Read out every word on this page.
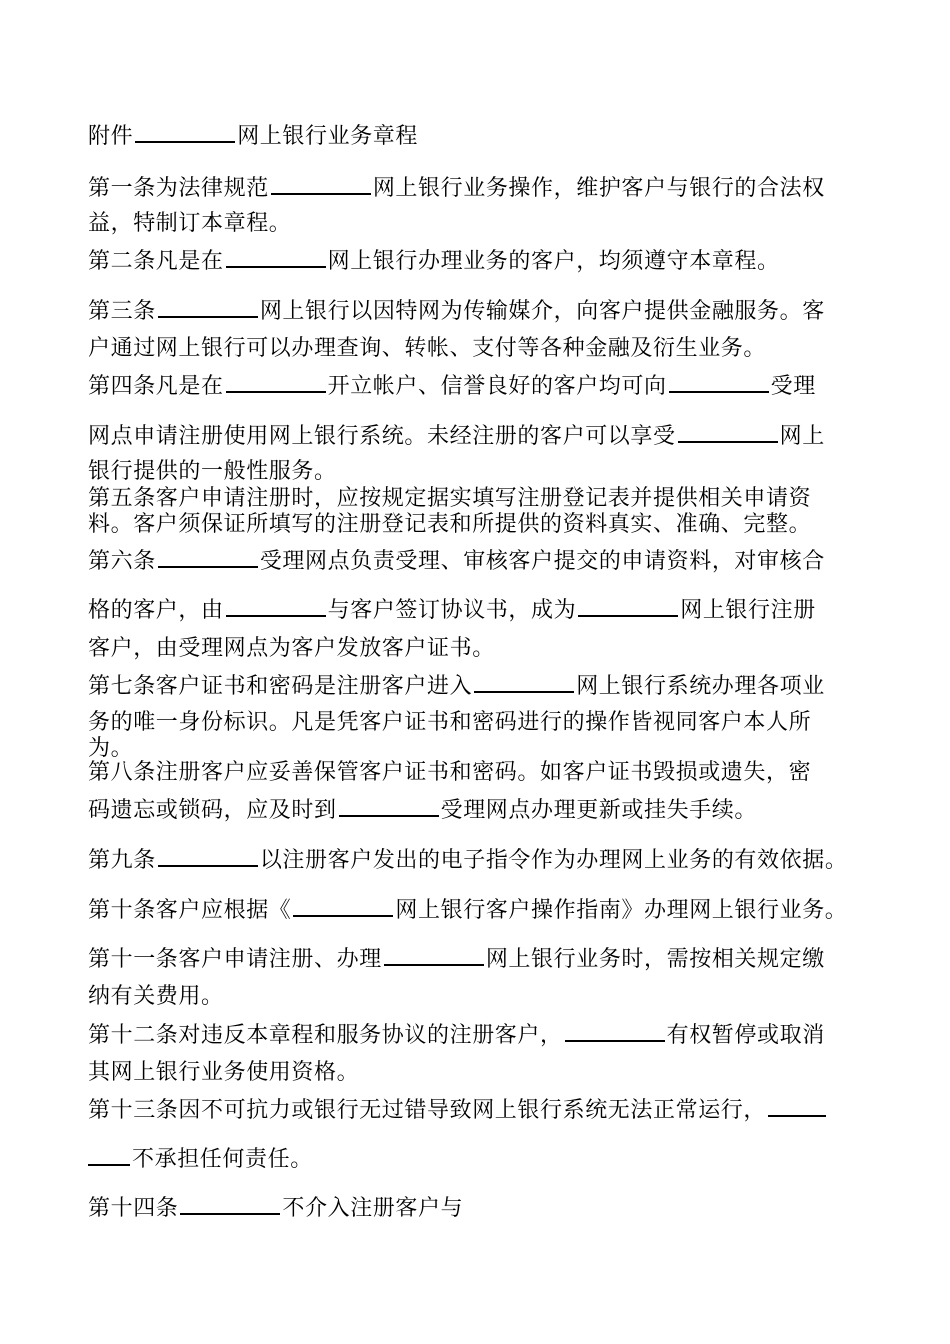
附件	网上银行业务章程
第一条为法律规范	网上银行业务操作，维护客户与银行的合法权
益，特制订本章程。
第二条凡是在	网上银行办理业务的客户，均须遵守本章程。
第三条	网上银行以因特网为传输媒介，向客户提供金融服务。客
户通过网上银行可以办理查询、转帐、支付等各种金融及衍生业务。
第四条凡是在	开立帐户、信誉良好的客户均可向	受理
网点申请注册使用网上银行系统。未经注册的客户可以享受	网上
银行提供的一般性服务。
第五条客户申请注册时，应按规定据实填写注册登记表并提供相关申请资
料。客户须保证所填写的注册登记表和所提供的资料真实、准确、完整。
第六条	受理网点负责受理、审核客户提交的申请资料，对审核合
格的客户，由	与客户签订协议书，成为	网上银行注册
客户，由受理网点为客户发放客户证书。
第七条客户证书和密码是注册客户进入	网上银行系统办理各项业
务的唯一身份标识。凡是凭客户证书和密码进行的操作皆视同客户本人所
为。
第八条注册客户应妥善保管客户证书和密码。如客户证书毁损或遗失，密
码遗忘或锁码，应及时到	受理网点办理更新或挂失手续。
第九条	以注册客户发出的电子指令作为办理网上业务的有效依据。
第十条客户应根据《	网上银行客户操作指南》办理网上银行业务。
第十一条客户申请注册、办理	网上银行业务时，需按相关规定缴
纳有关费用。
第十二条对违反本章程和服务协议的注册客户，	有权暂停或取消
其网上银行业务使用资格。
第十三条因不可抗力或银行无过错导致网上银行系统无法正常运行，
不承担任何责任。
第十四条	不介入注册客户与
